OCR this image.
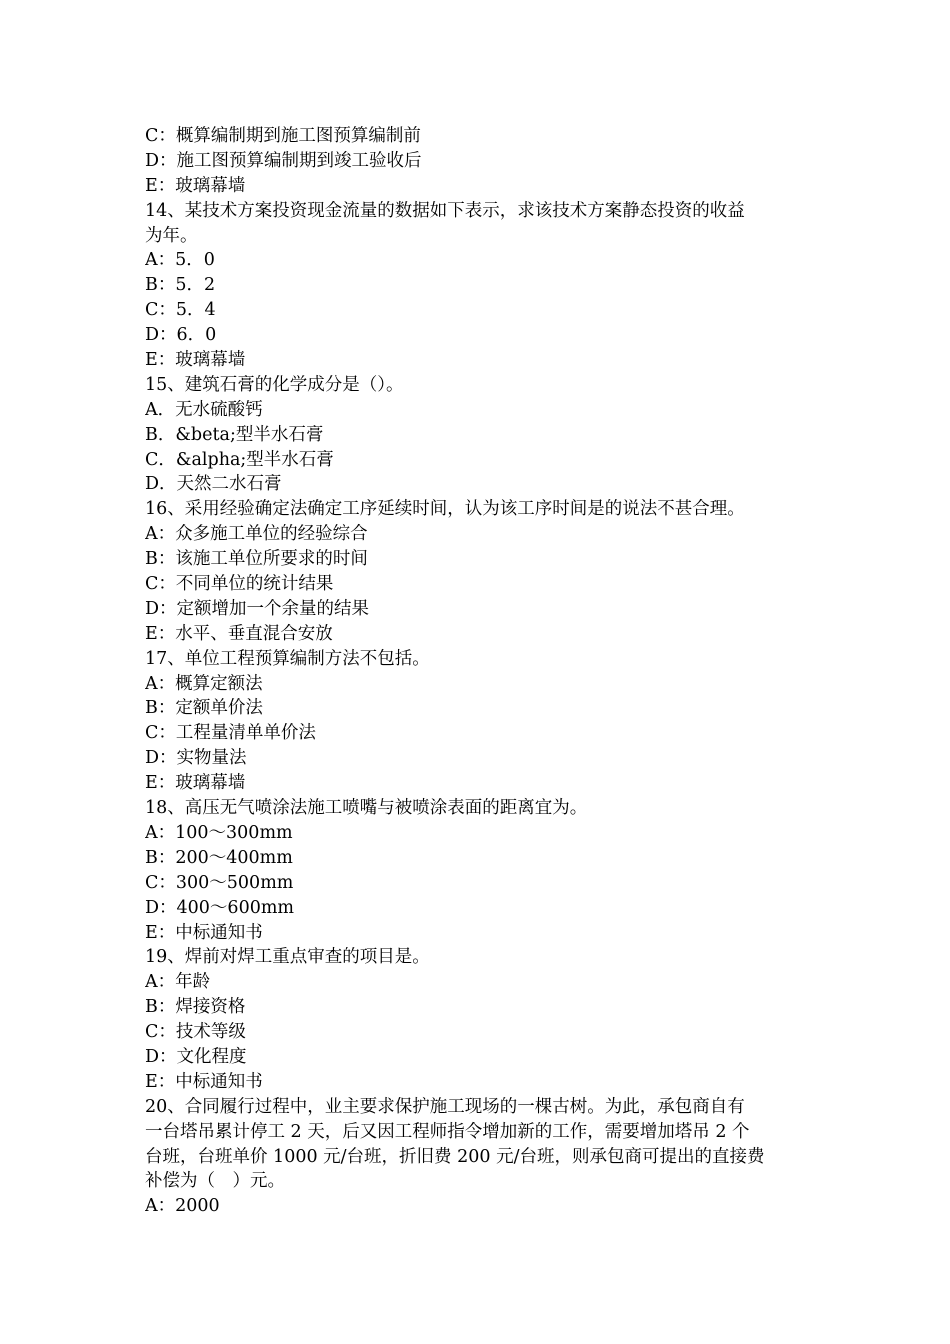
C：概算编制期到施工图预算编制前
D：施工图预算编制期到竣工验收后
E：玻璃幕墙
14、某技术方案投资现金流量的数据如下表示，求该技术方案静态投资的收益
为年。
A：5．0
B：5．2
C：5．4
D：6．0
E：玻璃幕墙
15、建筑石膏的化学成分是（）。
A．无水硫酸钙
B．&beta;型半水石膏
C．&alpha;型半水石膏
D．天然二水石膏
16、采用经验确定法确定工序延续时间，认为该工序时间是的说法不甚合理。
A：众多施工单位的经验综合
B：该施工单位所要求的时间
C：不同单位的统计结果
D：定额增加一个余量的结果
E：水平、垂直混合安放
17、单位工程预算编制方法不包括。
A：概算定额法
B：定额单价法
C：工程量清单单价法
D：实物量法
E：玻璃幕墙
18、高压无气喷涂法施工喷嘴与被喷涂表面的距离宜为。
A：100～300mm
B：200～400mm
C：300～500mm
D：400～600mm
E：中标通知书
19、焊前对焊工重点审查的项目是。
A：年龄
B：焊接资格
C：技术等级
D：文化程度
E：中标通知书
20、合同履行过程中，业主要求保护施工现场的一棵古树。为此，承包商自有
一台塔吊累计停工 2 天，后又因工程师指令增加新的工作，需要增加塔吊 2 个
台班，台班单价 1000 元/台班，折旧费 200 元/台班，则承包商可提出的直接费
补偿为（　）元。
A：2000
